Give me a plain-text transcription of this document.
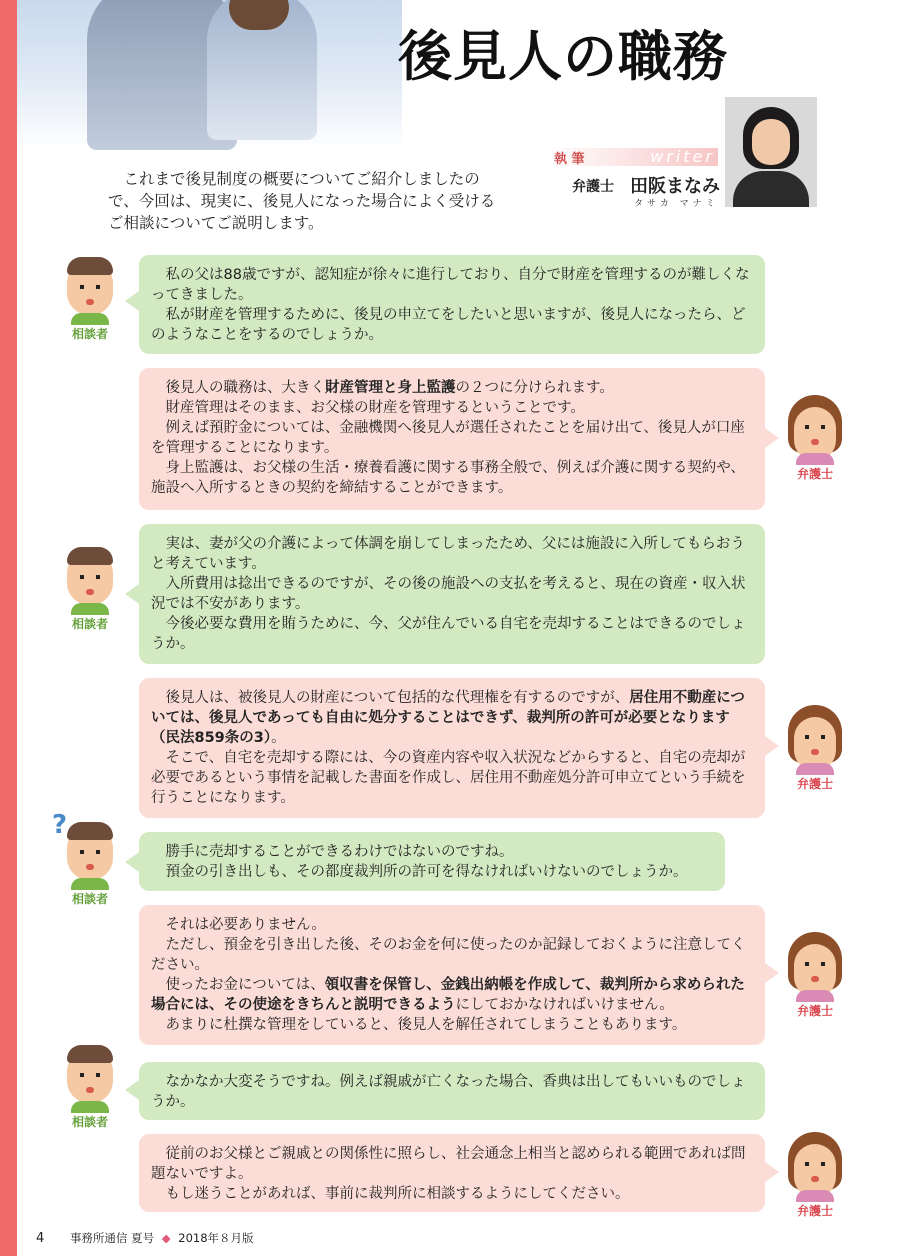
後見人の職務

これまで後見制度の概要についてご紹介しましたの

で、今回は、現実に、後見人になった場合によく受ける
ご相談についてご説明します。
執 筆	writer
弁護士 田阪まなみ
タサカ マナミ
相談者

私の父は88歳ですが、認知症が徐々に進行しており、自分で財産を管理するのが難しくなってきました。

私が財産を管理するために、後見の申立てをしたいと思いますが、後見人になったら、どのようなことをするのでしょうか。

後見人の職務は、大きく財産管理と身上監護の２つに分けられます。

財産管理はそのまま、お父様の財産を管理するということです。

例えば預貯金については、金融機関へ後見人が選任されたことを届け出て、後見人が口座を管理することになります。

身上監護は、お父様の生活・療養看護に関する事務全般で、例えば介護に関する契約や、施設へ入所するときの契約を締結することができます。

弁護士
相談者

実は、妻が父の介護によって体調を崩してしまったため、父には施設に入所してもらおうと考えています。

入所費用は捻出できるのですが、その後の施設への支払を考えると、現在の資産・収入状況では不安があります。

今後必要な費用を賄うために、今、父が住んでいる自宅を売却することはできるのでしょうか。

後見人は、被後見人の財産について包括的な代理権を有するのですが、居住用不動産については、後見人であっても自由に処分することはできず、裁判所の許可が必要となります（民法859条の3）。

そこで、自宅を売却する際には、今の資産内容や収入状況などからすると、自宅の売却が必要であるという事情を記載した書面を作成し、居住用不動産処分許可申立てという手続を行うことになります。

弁護士
?
相談者

勝手に売却することができるわけではないのですね。

預金の引き出しも、その都度裁判所の許可を得なければいけないのでしょうか。

それは必要ありません。

ただし、預金を引き出した後、そのお金を何に使ったのか記録しておくように注意してください。

使ったお金については、領収書を保管し、金銭出納帳を作成して、裁判所から求められた場合には、その使途をきちんと説明できるようにしておかなければいけません。

あまりに杜撰な管理をしていると、後見人を解任されてしまうこともあります。

弁護士
相談者

なかなか大変そうですね。例えば親戚が亡くなった場合、香典は出してもいいものでしょうか。

従前のお父様とご親戚との関係性に照らし、社会通念上相当と認められる範囲であれば問題ないですよ。

もし迷うことがあれば、事前に裁判所に相談するようにしてください。

弁護士
4 事務所通信 夏号 ◆ 2018年８月版
